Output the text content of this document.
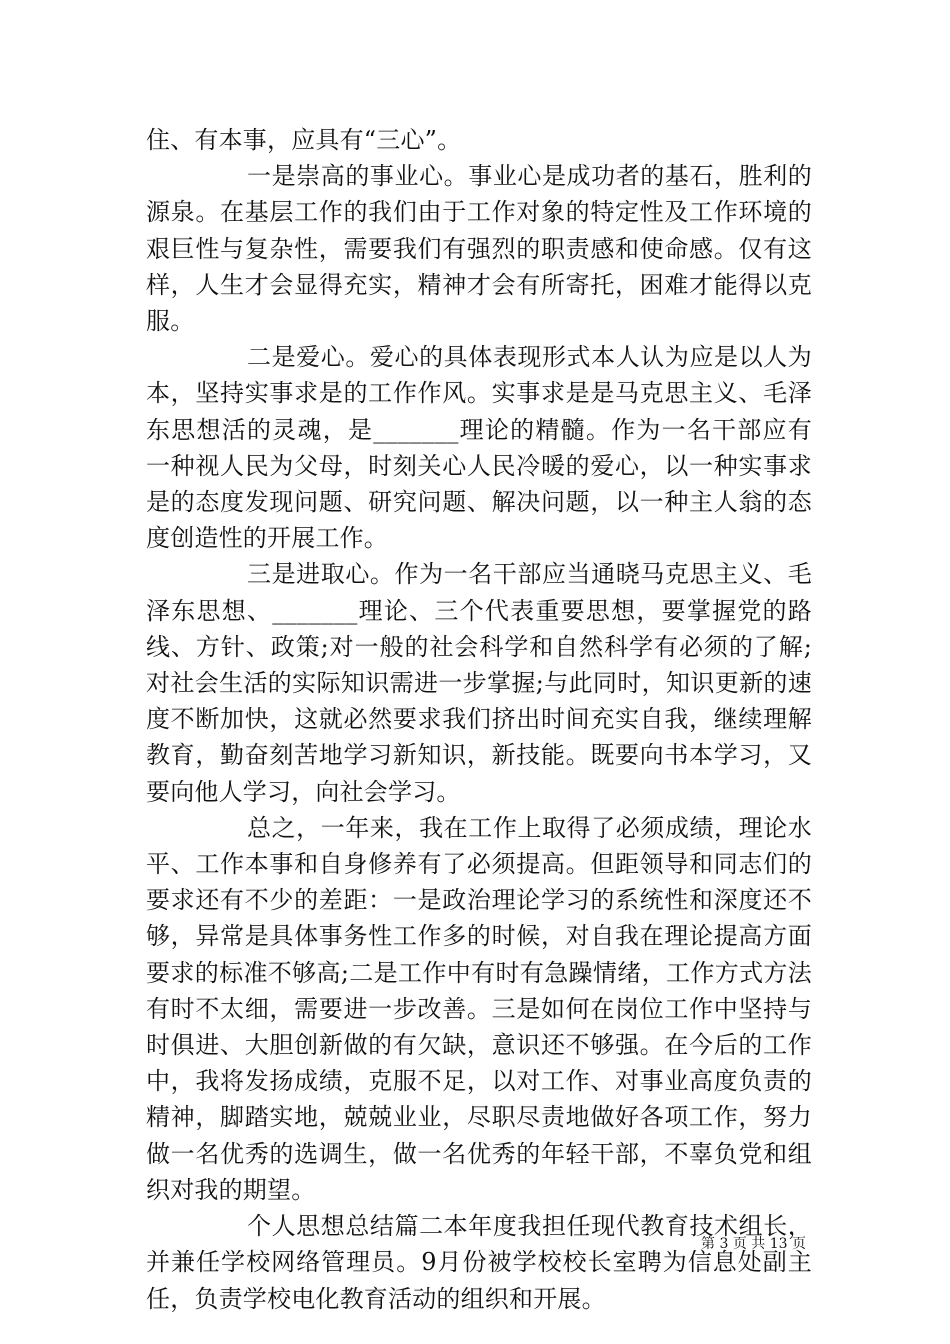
住、有本事，应具有“三心”。

一是崇高的事业心。事业心是成功者的基石，胜利的源泉。在基层工作的我们由于工作对象的特定性及工作环境的艰巨性与复杂性，需要我们有强烈的职责感和使命感。仅有这样，人生才会显得充实，精神才会有所寄托，困难才能得以克服。

二是爱心。爱心的具体表现形式本人认为应是以人为本，坚持实事求是的工作作风。实事求是是马克思主义、毛泽东思想活的灵魂，是_______理论的精髓。作为一名干部应有一种视人民为父母，时刻关心人民冷暖的爱心，以一种实事求是的态度发现问题、研究问题、解决问题，以一种主人翁的态度创造性的开展工作。

三是进取心。作为一名干部应当通晓马克思主义、毛泽东思想、_______理论、三个代表重要思想，要掌握党的路线、方针、政策;对一般的社会科学和自然科学有必须的了解;对社会生活的实际知识需进一步掌握;与此同时，知识更新的速度不断加快，这就必然要求我们挤出时间充实自我，继续理解教育，勤奋刻苦地学习新知识，新技能。既要向书本学习，又要向他人学习，向社会学习。

总之，一年来，我在工作上取得了必须成绩，理论水平、工作本事和自身修养有了必须提高。但距领导和同志们的要求还有不少的差距：一是政治理论学习的系统性和深度还不够，异常是具体事务性工作多的时候，对自我在理论提高方面要求的标准不够高;二是工作中有时有急躁情绪，工作方式方法有时不太细，需要进一步改善。三是如何在岗位工作中坚持与时俱进、大胆创新做的有欠缺，意识还不够强。在今后的工作中，我将发扬成绩，克服不足，以对工作、对事业高度负责的精神，脚踏实地，兢兢业业，尽职尽责地做好各项工作，努力做一名优秀的选调生，做一名优秀的年轻干部，不辜负党和组织对我的期望。

个人思想总结篇二本年度我担任现代教育技术组长，并兼任学校网络管理员。9月份被学校校长室聘为信息处副主任，负责学校电化教育活动的组织和开展。

第 3 页 共 13 页
